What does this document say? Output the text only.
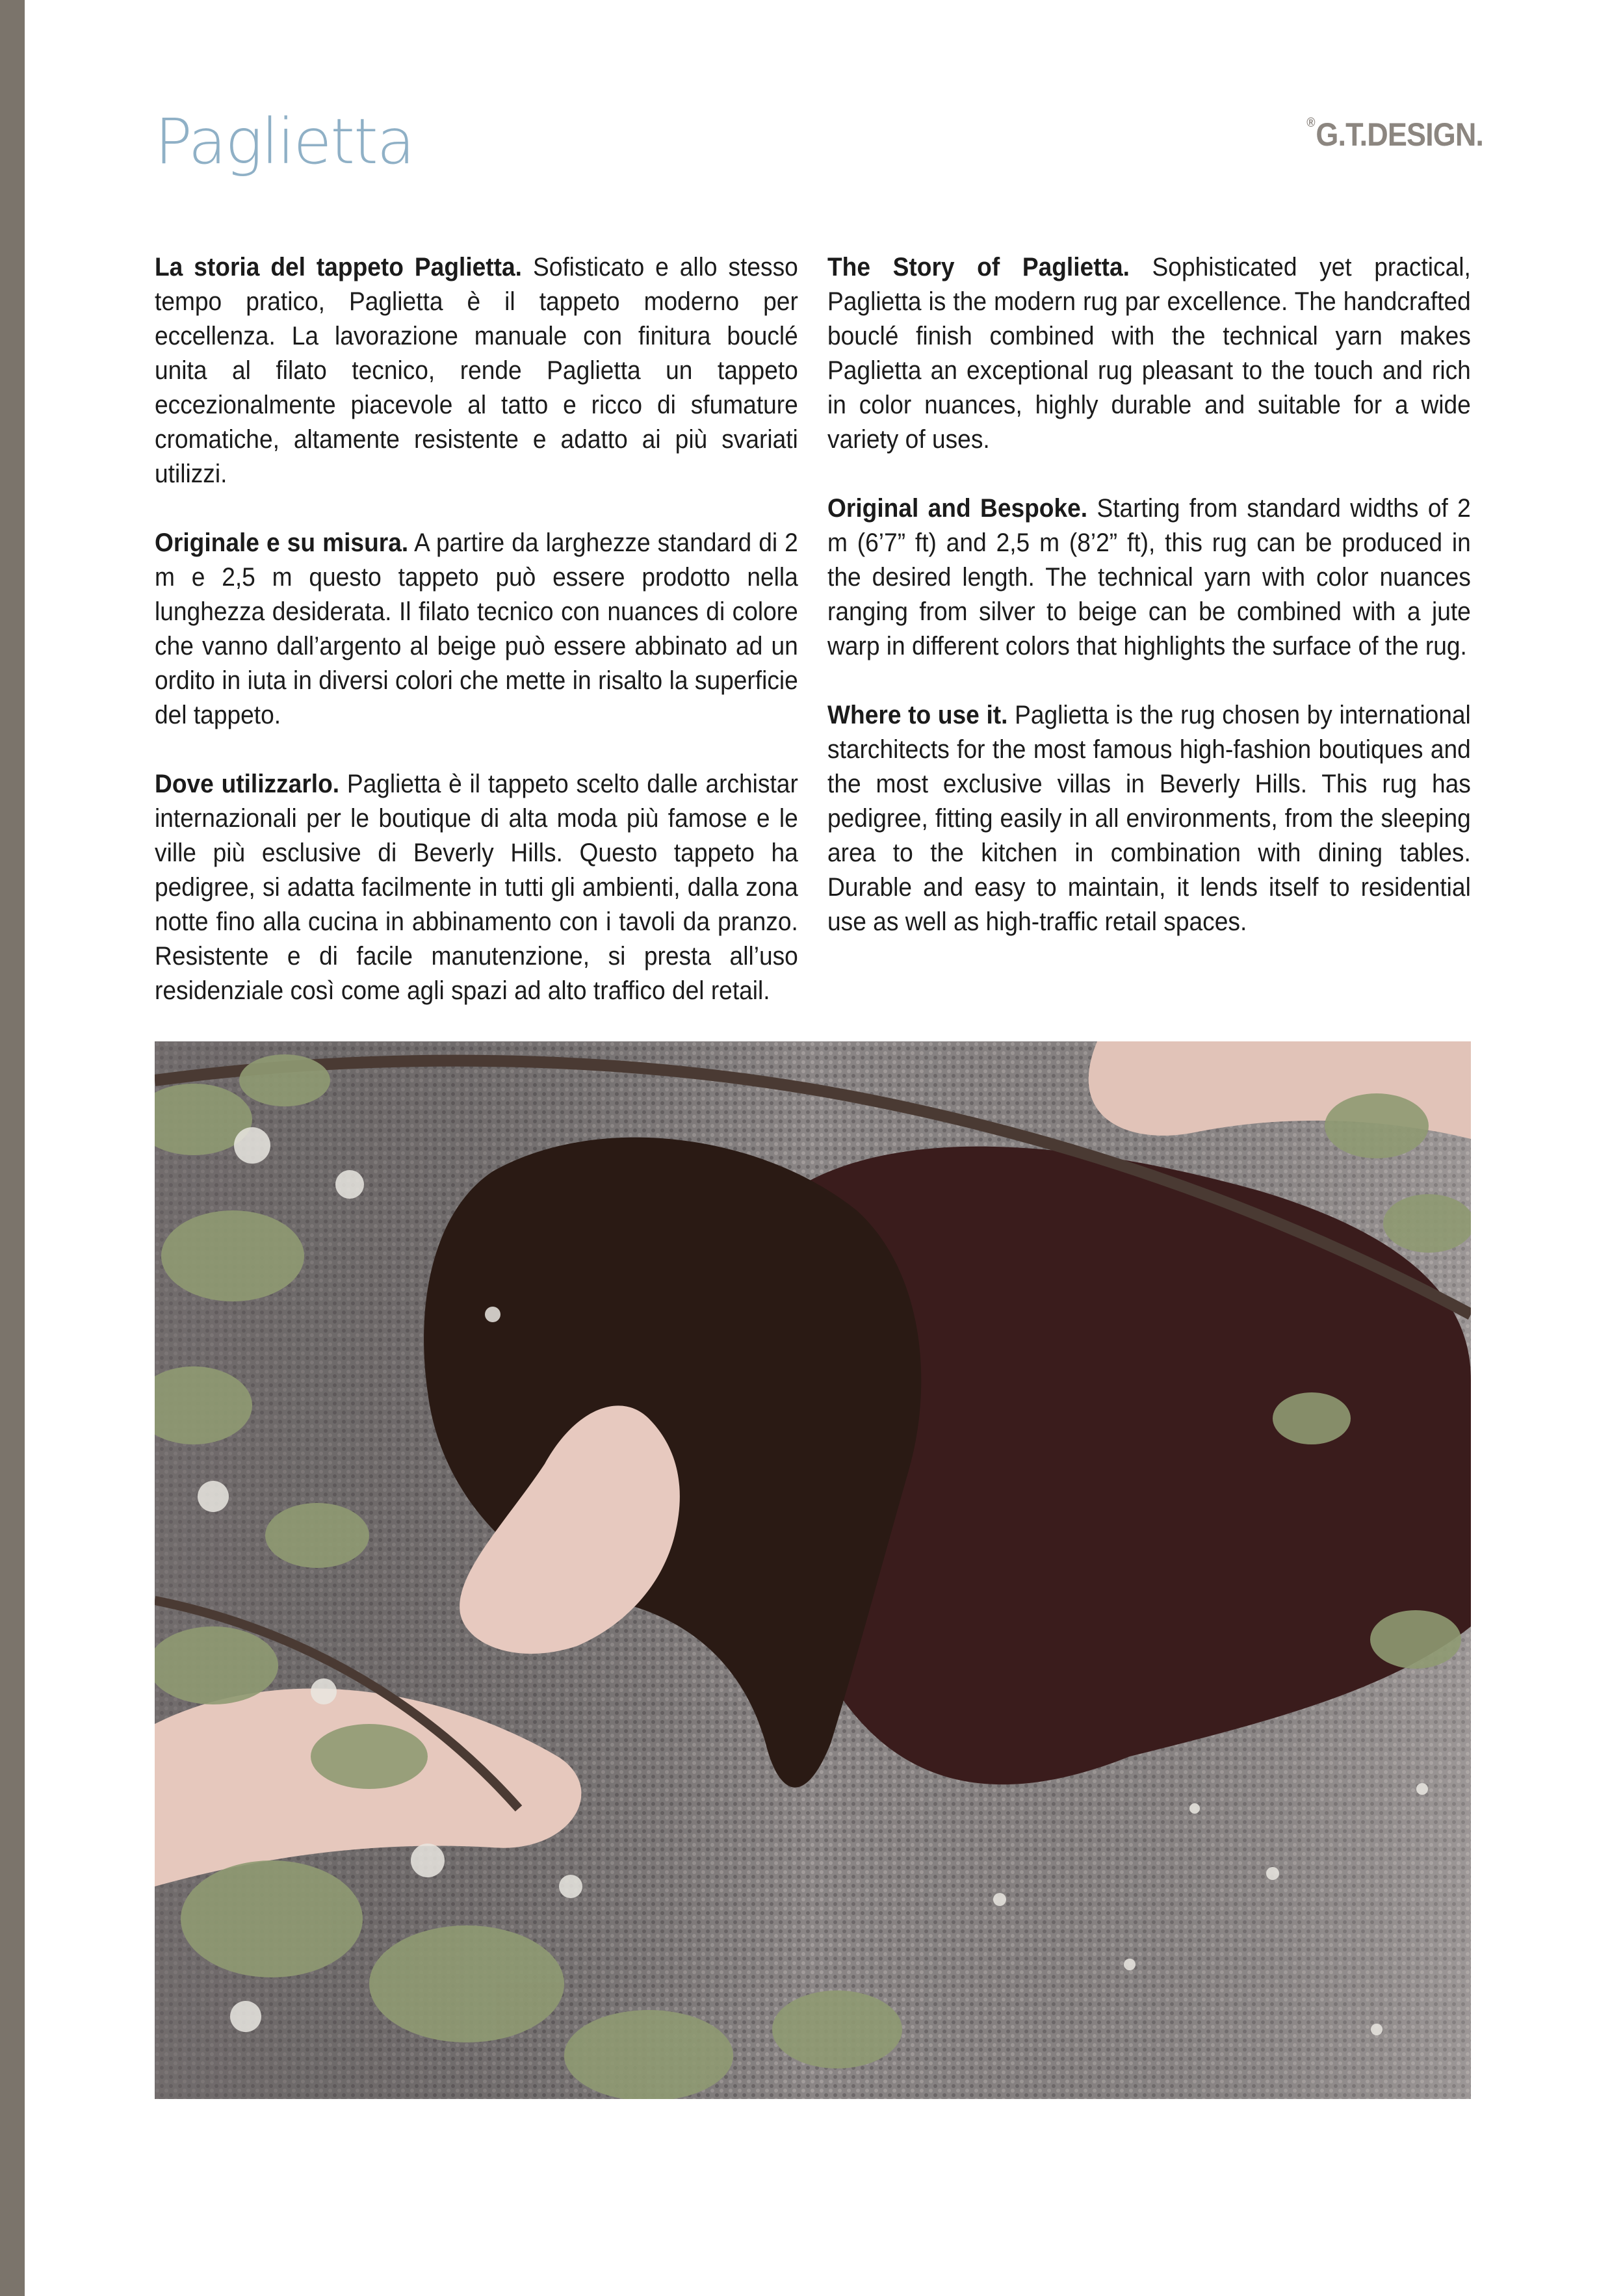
Paglietta	®G.T.DESIGN.

La storia del tappeto Paglietta. Sofisticato e allo stesso tempo pratico, Paglietta è il tappeto moderno per eccellenza. La lavorazione manuale con finitura bouclé unita al filato tecnico, rende Paglietta un tappeto eccezionalmente piacevole al tatto e ricco di sfumature cromatiche, altamente resistente e adatto ai più svariati utilizzi.

Originale e su misura. A partire da larghezze standard di 2 m e 2,5 m questo tappeto può essere prodotto nella lunghezza desiderata. Il filato tecnico con nuances di colore che vanno dall’argento al beige può essere abbinato ad un ordito in iuta in diversi colori che mette in risalto la superficie del tappeto.

Dove utilizzarlo. Paglietta è il tappeto scelto dalle archistar internazionali per le boutique di alta moda più famose e le ville più esclusive di Beverly Hills. Questo tappeto ha pedigree, si adatta facilmente in tutti gli ambienti, dalla zona notte fino alla cucina in abbinamento con i tavoli da pranzo. Resistente e di facile manutenzione, si presta all’uso residenziale così come agli spazi ad alto traffico del retail.

The Story of Paglietta. Sophisticated yet practical, Paglietta is the modern rug par excellence. The handcrafted bouclé finish combined with the technical yarn makes Paglietta an exceptional rug pleasant to the touch and rich in color nuances, highly durable and suitable for a wide variety of uses.

Original and Bespoke. Starting from standard widths of 2 m (6’7” ft) and 2,5 m (8’2” ft), this rug can be produced in the desired length. The technical yarn with color nuances ranging from silver to beige can be combined with a jute warp in different colors that highlights the surface of the rug.

Where to use it. Paglietta is the rug chosen by international starchitects for the most famous high-fashion boutiques and the most exclusive villas in Beverly Hills. This rug has pedigree, fitting easily in all environments, from the sleeping area to the kitchen in combination with dining tables. Durable and easy to maintain, it lends itself to residential use as well as high-traffic retail spaces.
